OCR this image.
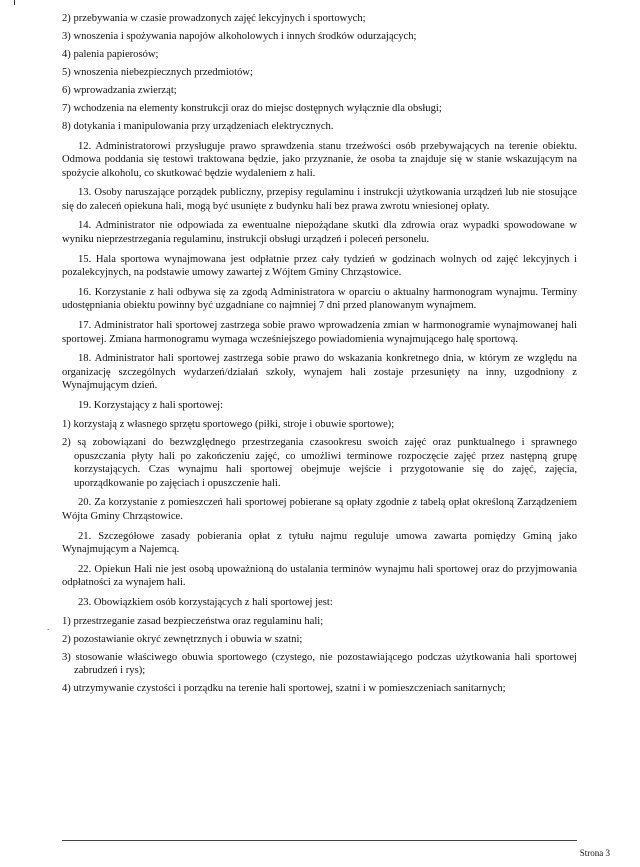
.

2) przebywania w czasie prowadzonych zajęć lekcyjnych i sportowych;

3) wnoszenia i spożywania napojów alkoholowych i innych środków odurzających;

4) palenia papierosów;

5) wnoszenia niebezpiecznych przedmiotów;

6) wprowadzania zwierząt;

7) wchodzenia na elementy konstrukcji oraz do miejsc dostępnych wyłącznie dla obsługi;

8) dotykania i manipulowania przy urządzeniach elektrycznych.

12. Administratorowi przysługuje prawo sprawdzenia stanu trzeźwości osób przebywających na terenie obiektu. Odmowa poddania się testowi traktowana będzie, jako przyznanie, że osoba ta znajduje się w stanie wskazującym na spożycie alkoholu, co skutkować będzie wydaleniem z hali.

13. Osoby naruszające porządek publiczny, przepisy regulaminu i instrukcji użytkowania urządzeń lub nie stosujące się do zaleceń opiekuna hali, mogą być usunięte z budynku hali bez prawa zwrotu wniesionej opłaty.

14. Administrator nie odpowiada za ewentualne niepożądane skutki dla zdrowia oraz wypadki spowodowane w wyniku nieprzestrzegania regulaminu, instrukcji obsługi urządzeń i poleceń personelu.

15. Hala sportowa wynajmowana jest odpłatnie przez cały tydzień w godzinach wolnych od zajęć lekcyjnych i pozalekcyjnych, na podstawie umowy zawartej z Wójtem Gminy Chrząstowice.

16. Korzystanie z hali odbywa się za zgodą Administratora w oparciu o aktualny harmonogram wynajmu. Terminy udostępniania obiektu powinny być uzgadniane co najmniej 7 dni przed planowanym wynajmem.

17. Administrator hali sportowej zastrzega sobie prawo wprowadzenia zmian w harmonogramie wynajmowanej hali sportowej. Zmiana harmonogramu wymaga wcześniejszego powiadomienia wynajmującego halę sportową.

18. Administrator hali sportowej zastrzega sobie prawo do wskazania konkretnego dnia, w którym ze względu na organizację szczególnych wydarzeń/działań szkoły, wynajem hali zostaje przesunięty na inny, uzgodniony z Wynajmującym dzień.

19. Korzystający z hali sportowej:

1) korzystają z własnego sprzętu sportowego (piłki, stroje i obuwie sportowe);

2) są zobowiązani do bezwzględnego przestrzegania czasookresu swoich zajęć oraz punktualnego i sprawnego opuszczania płyty hali po zakończeniu zajęć, co umożliwi terminowe rozpoczęcie zajęć przez następną grupę korzystających. Czas wynajmu hali sportowej obejmuje wejście i przygotowanie się do zajęć, zajęcia, uporządkowanie po zajęciach i opuszczenie hali.

20. Za korzystanie z pomieszczeń hali sportowej pobierane są opłaty zgodnie z tabelą opłat określoną Zarządzeniem Wójta Gminy Chrząstowice.

21. Szczegółowe zasady pobierania opłat z tytułu najmu reguluje umowa zawarta pomiędzy Gminą jako Wynajmującym a Najemcą.

22. Opiekun Hali nie jest osobą upoważnioną do ustalania terminów wynajmu hali sportowej oraz do przyjmowania odpłatności za wynajem hali.

23. Obowiązkiem osób korzystających z hali sportowej jest:

1) przestrzeganie zasad bezpieczeństwa oraz regulaminu hali;

2) pozostawianie okryć zewnętrznych i obuwia w szatni;

3) stosowanie właściwego obuwia sportowego (czystego, nie pozostawiającego podczas użytkowania hali sportowej zabrudzeń i rys);

4) utrzymywanie czystości i porządku na terenie hali sportowej, szatni i w pomieszczeniach sanitarnych;

Strona 3
